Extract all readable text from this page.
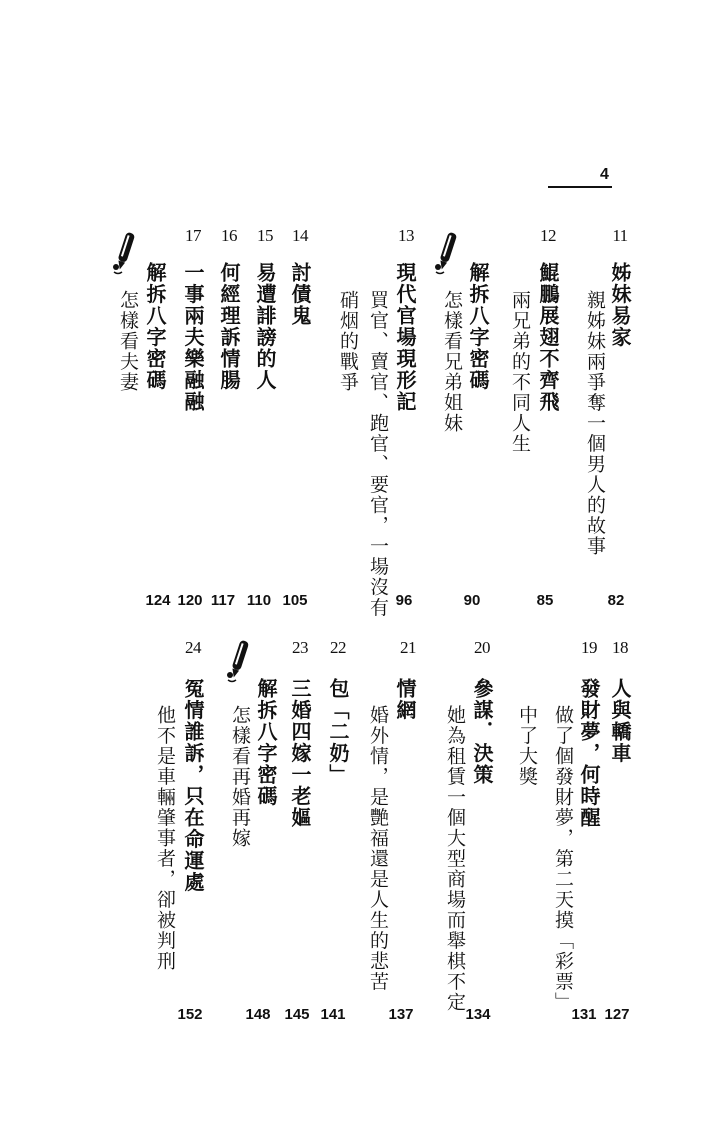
4
11
姊妹易家
親姊妹兩爭奪一個男人的故事
82
12
鯤鵬展翅不齊飛
兩兄弟的不同人生
85
解拆八字密碼
怎樣看兄弟姐妹
90
13
現代官場現形記
買官、賣官、跑官、要官，一場沒有
硝烟的戰爭
96
14
討債鬼
105
15
易遭誹謗的人
110
16
何經理訴情腸
117
17
一事兩夫樂融融
120
解拆八字密碼
怎樣看夫妻
124
18
人與轎車
127
19
發財夢，何時醒
做了個發財夢，第二天摸「彩票」
中了大獎
131
20
參謀．決策
她為租賃一個大型商場而舉棋不定
134
21
情網
婚外情，是艷福還是人生的悲苦
137
22
包「二奶」
141
23
三婚四嫁一老嫗
145
解拆八字密碼
怎樣看再婚再嫁
148
24
冤情誰訴，只在命運處
他不是車輛肇事者，卻被判刑
152
